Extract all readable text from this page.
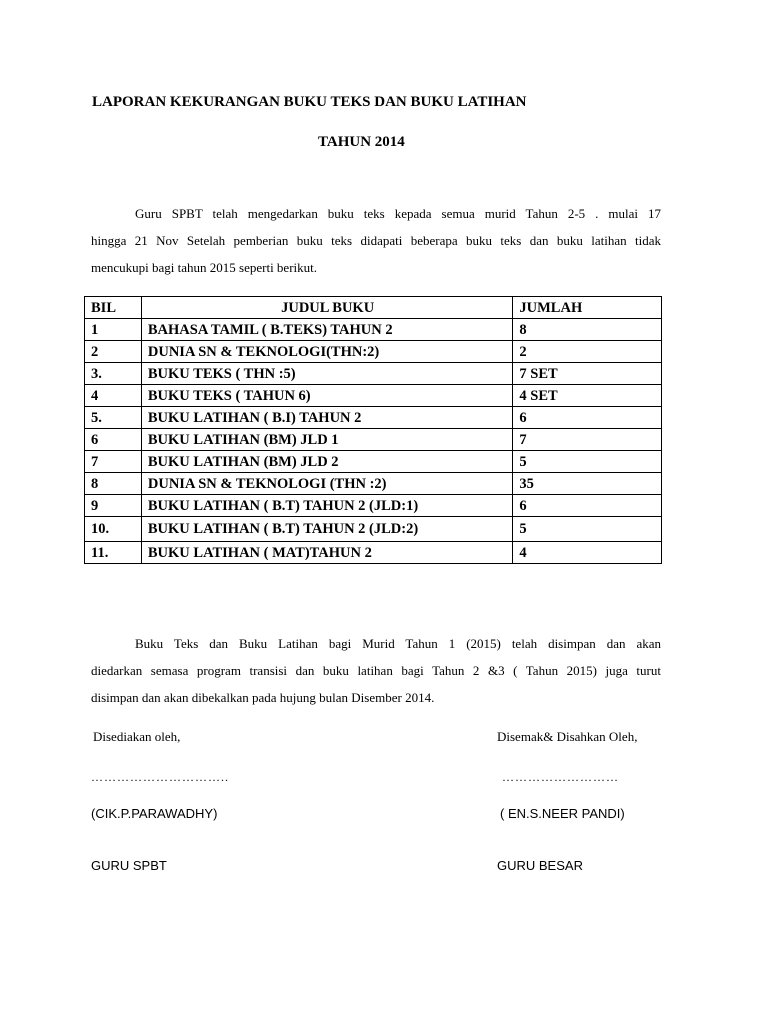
LAPORAN KEKURANGAN BUKU TEKS DAN BUKU LATIHAN
TAHUN 2014
Guru SPBT telah mengedarkan buku teks kepada semua murid Tahun 2-5 . mulai 17
hingga 21 Nov Setelah pemberian buku teks didapati beberapa buku teks dan buku latihan tidak
mencukupi bagi tahun 2015 seperti berikut.
BIL	JUDUL BUKU	JUMLAH
1	BAHASA TAMIL ( B.TEKS) TAHUN 2	8
2	DUNIA SN & TEKNOLOGI(THN:2)	2
3.	BUKU TEKS ( THN :5)	7 SET
4	BUKU TEKS ( TAHUN 6)	4 SET
5.	BUKU LATIHAN ( B.I) TAHUN 2	6
6	BUKU LATIHAN (BM) JLD 1	7
7	BUKU LATIHAN (BM) JLD 2	5
8	DUNIA SN & TEKNOLOGI (THN :2)	35
9	BUKU LATIHAN ( B.T) TAHUN 2 (JLD:1)	6
10.	BUKU LATIHAN ( B.T) TAHUN 2 (JLD:2)	5
11.	BUKU LATIHAN ( MAT)TAHUN 2	4
Buku Teks dan Buku Latihan bagi Murid Tahun 1 (2015) telah disimpan dan akan
diedarkan semasa program transisi dan buku latihan bagi Tahun 2 &3 ( Tahun 2015) juga turut
disimpan dan akan dibekalkan pada hujung bulan Disember 2014.
Disediakan oleh,
…………………………..
(CIK.P.PARAWADHY)
GURU SPBT
Disemak& Disahkan Oleh,
………………………
( EN.S.NEER PANDI)
GURU BESAR
